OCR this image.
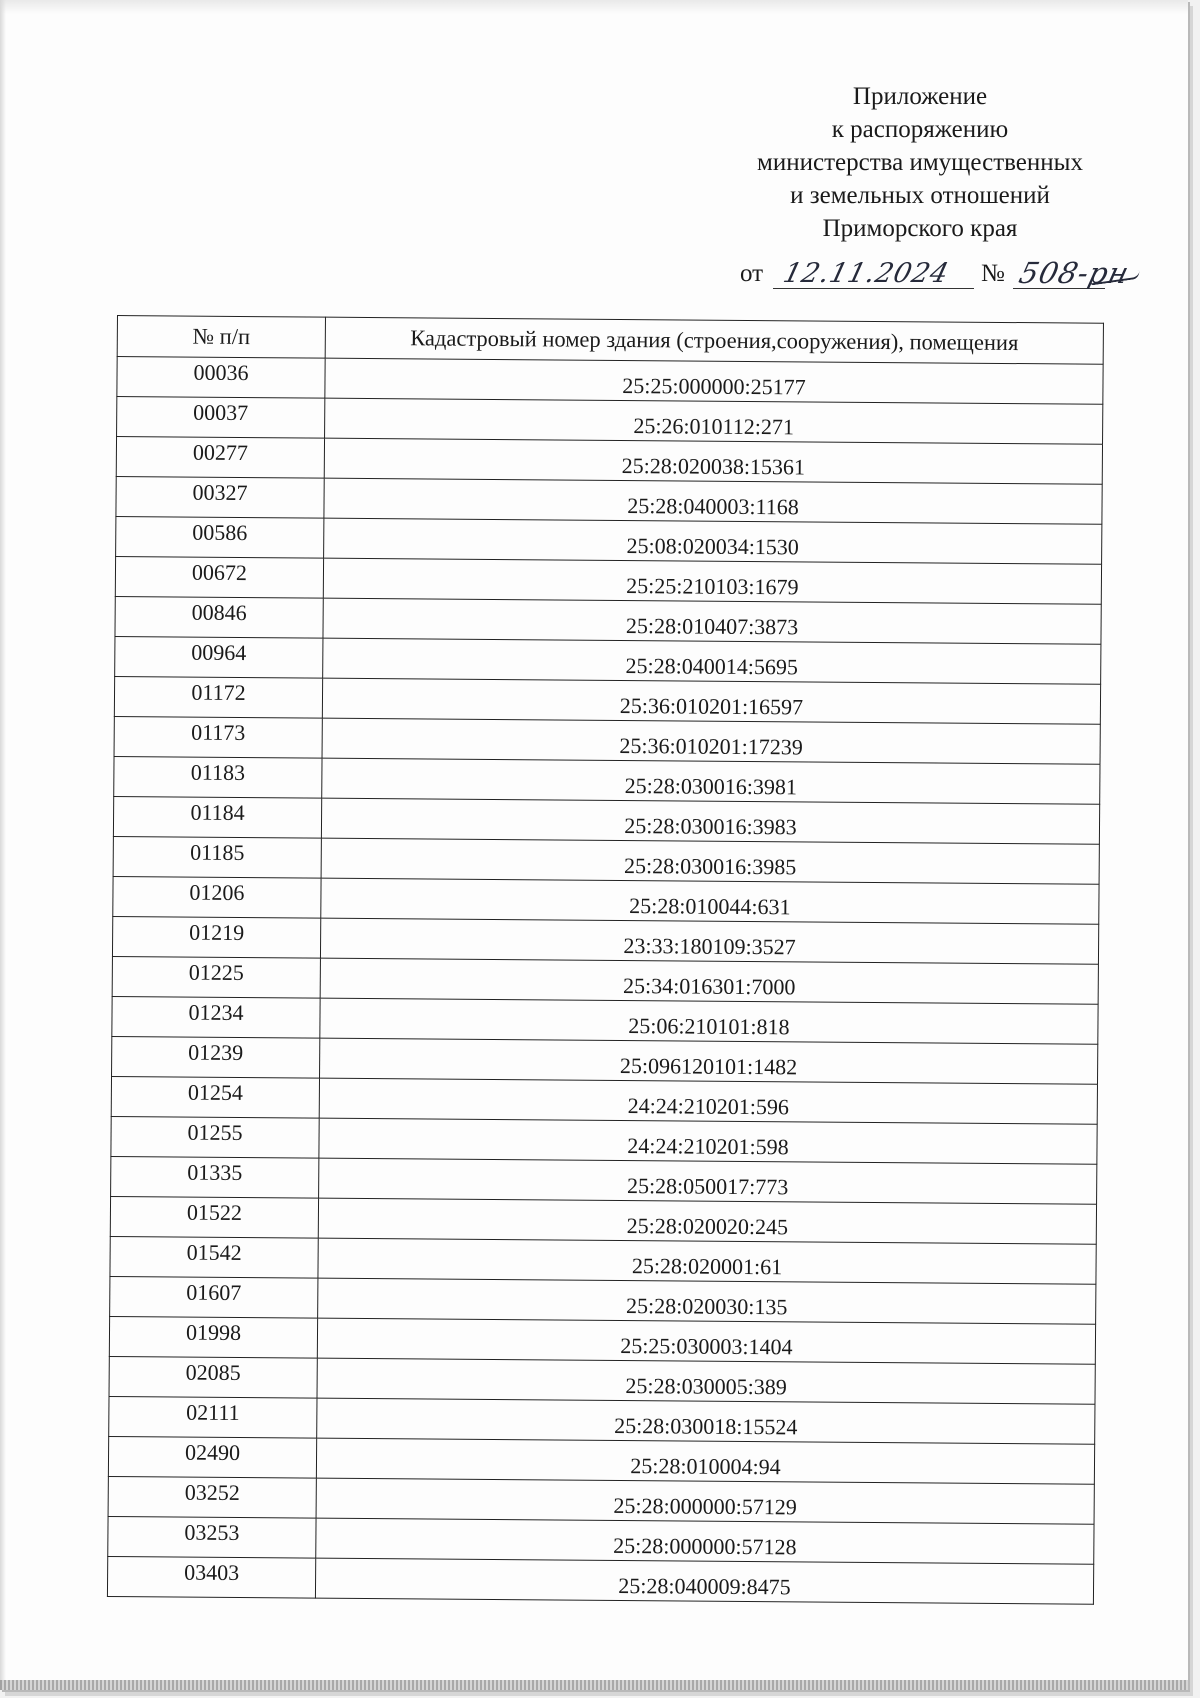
Приложение
к распоряжению
министерства имущественных
и земельных отношений
Приморского края
от 12.11.2024 № 508-рн
№ п/п	Кадастровый номер здания (строения,сооружения), помещения
00036	25:25:000000:25177
00037	25:26:010112:271
00277	25:28:020038:15361
00327	25:28:040003:1168
00586	25:08:020034:1530
00672	25:25:210103:1679
00846	25:28:010407:3873
00964	25:28:040014:5695
01172	25:36:010201:16597
01173	25:36:010201:17239
01183	25:28:030016:3981
01184	25:28:030016:3983
01185	25:28:030016:3985
01206	25:28:010044:631
01219	23:33:180109:3527
01225	25:34:016301:7000
01234	25:06:210101:818
01239	25:096120101:1482
01254	24:24:210201:596
01255	24:24:210201:598
01335	25:28:050017:773
01522	25:28:020020:245
01542	25:28:020001:61
01607	25:28:020030:135
01998	25:25:030003:1404
02085	25:28:030005:389
02111	25:28:030018:15524
02490	25:28:010004:94
03252	25:28:000000:57129
03253	25:28:000000:57128
03403	25:28:040009:8475
